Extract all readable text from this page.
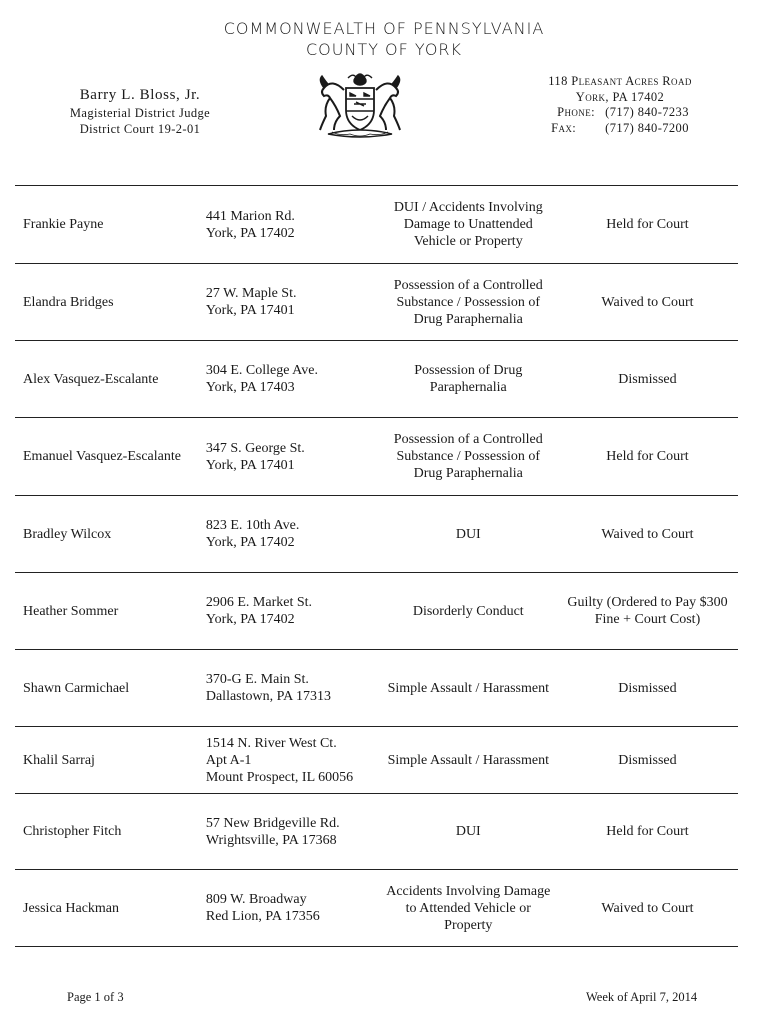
COMMONWEALTH OF PENNSYLVANIA
COUNTY OF YORK
Barry L. Bloss, Jr.
Magisterial District Judge
District Court 19-2-01
118 Pleasant Acres Road
York, PA 17402
Phone: (717) 840-7233
Fax: (717) 840-7200
Frankie Payne	441 Marion Rd.
York, PA 17402	DUI / Accidents Involving
Damage to Unattended
Vehicle or Property	Held for Court

Elandra Bridges	27 W. Maple St.
York, PA 17401	Possession of a Controlled
Substance / Possession of
Drug Paraphernalia	Waived to Court

Alex Vasquez-Escalante	304 E. College Ave.
York, PA 17403	Possession of Drug
Paraphernalia	Dismissed

Emanuel Vasquez-Escalante	347 S. George St.
York, PA 17401	Possession of a Controlled
Substance / Possession of
Drug Paraphernalia	Held for Court

Bradley Wilcox	823 E. 10th Ave.
York, PA 17402	DUI	Waived to Court

Heather Sommer	2906 E. Market St.
York, PA 17402	Disorderly Conduct	Guilty (Ordered to Pay $300
Fine + Court Cost)

Shawn Carmichael	370-G E. Main St.
Dallastown, PA 17313	Simple Assault / Harassment	Dismissed

Khalil Sarraj	1514 N. River West Ct.
Apt A-1
Mount Prospect, IL 60056	Simple Assault / Harassment	Dismissed

Christopher Fitch	57 New Bridgeville Rd.
Wrightsville, PA 17368	DUI	Held for Court

Jessica Hackman	809 W. Broadway
Red Lion, PA 17356	Accidents Involving Damage
to Attended Vehicle or
Property	Waived to Court
Page 1 of 3	Week of April 7, 2014
